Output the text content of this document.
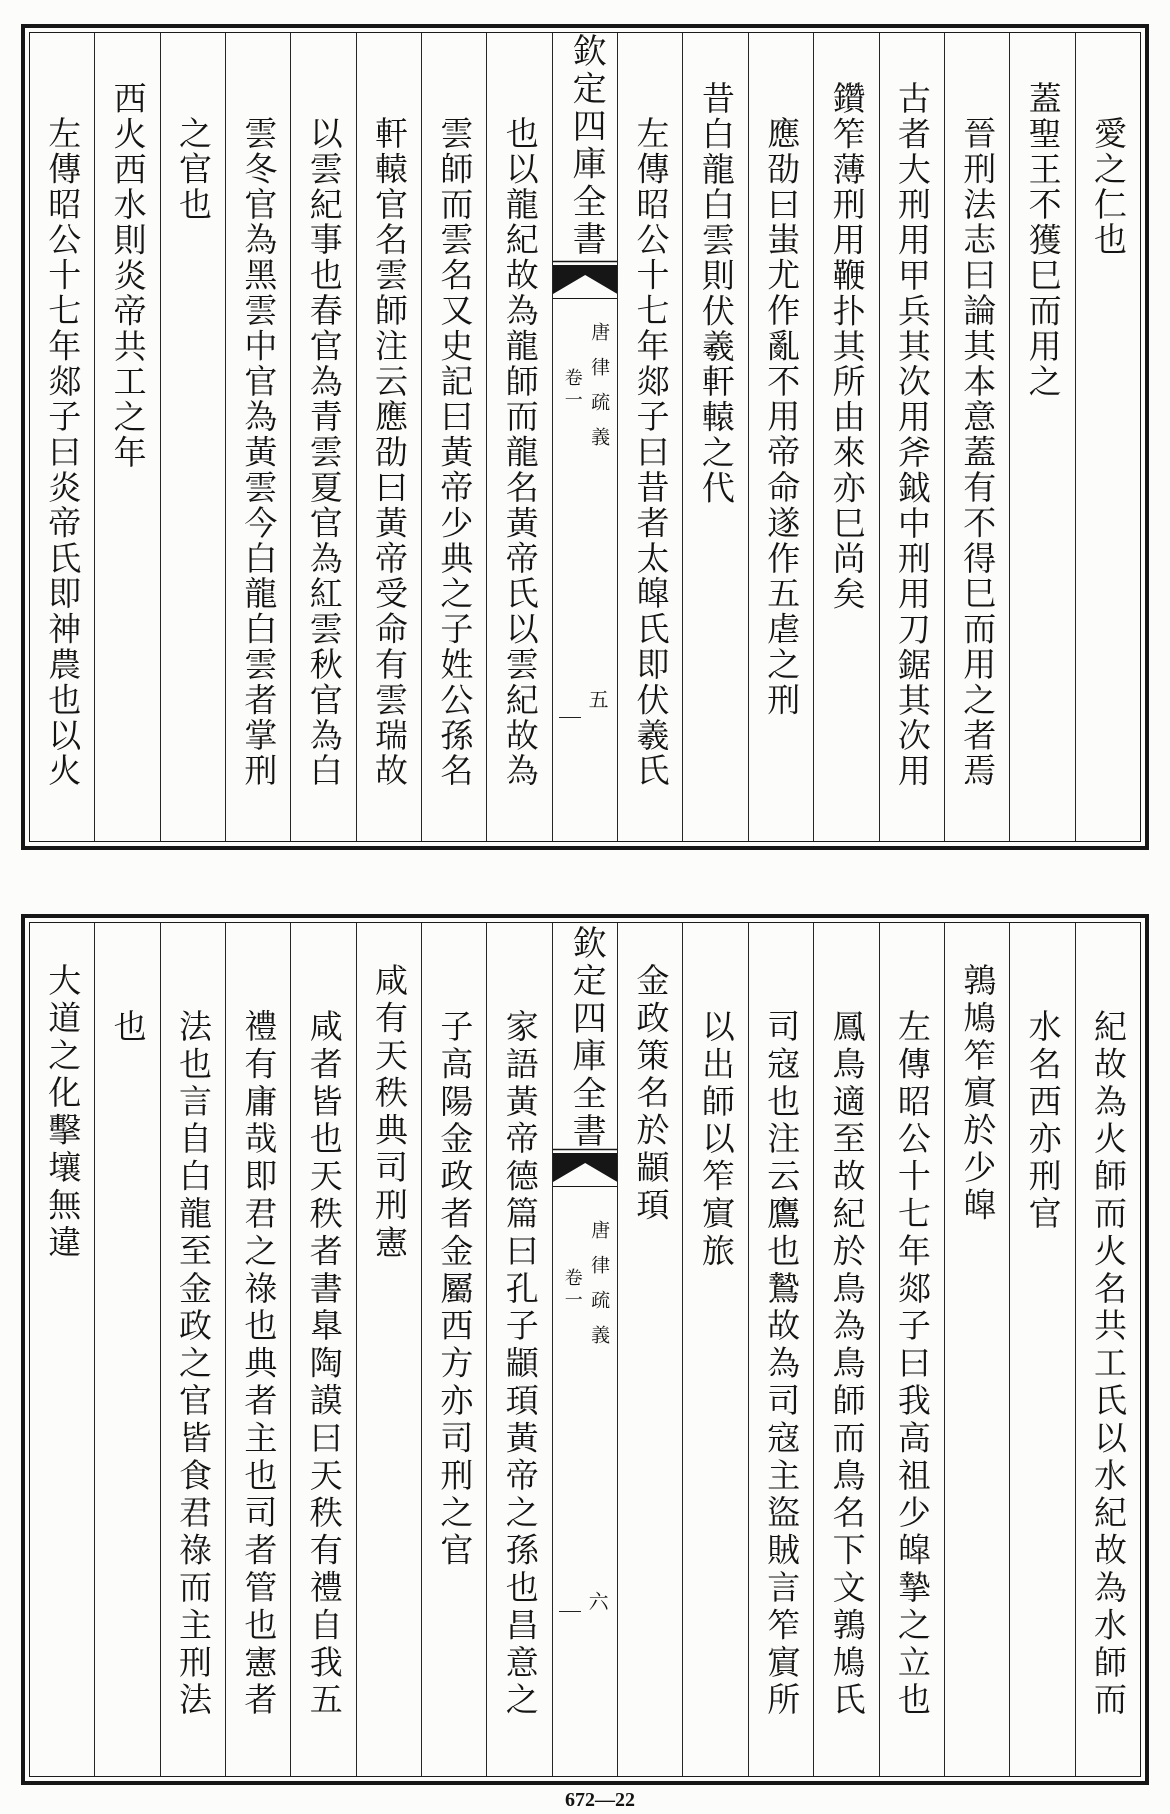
愛之仁也
蓋聖王不獲巳而用之
晉刑法志曰論其本意蓋有不得巳而用之者焉
古者大刑用甲兵其次用斧鉞中刑用刀鋸其次用
鑽笮薄刑用鞭扑其所由來亦巳尚矣
應劭曰蚩尤作亂不用帝命遂作五虐之刑
昔白龍白雲則伏羲軒轅之代
左傳昭公十七年郯子曰昔者太皡氏即伏羲氏
欽定四庫全書
唐律疏義
卷一
五
也以龍紀故為龍師而龍名黃帝氏以雲紀故為
雲師而雲名又史記曰黃帝少典之子姓公孫名
軒轅官名雲師注云應劭曰黃帝受命有雲瑞故
以雲紀事也春官為青雲夏官為紅雲秋官為白
雲冬官為黑雲中官為黃雲今白龍白雲者掌刑
之官也
西火西水則炎帝共工之年
左傳昭公十七年郯子曰炎帝氏即神農也以火
紀故為火師而火名共工氏以水紀故為水師而
水名西亦刑官
鶉鳩笮賔於少皡
左傳昭公十七年郯子曰我高祖少皡摯之立也
鳳鳥適至故紀於鳥為鳥師而鳥名下文鶉鳩氏
司寇也注云鷹也鷙故為司寇主盜賊言笮賔所
以出師以笮賔旅
金政策名於顓頊
欽定四庫全書
唐律疏義
卷一
六
家語黃帝德篇曰孔子顓頊黃帝之孫也昌意之
子高陽金政者金屬西方亦司刑之官
咸有天秩典司刑憲
咸者皆也天秩者書臯陶謨曰天秩有禮自我五
禮有庸哉即君之祿也典者主也司者管也憲者
法也言自白龍至金政之官皆食君祿而主刑法
也
大道之化擊壤無違
672—22
